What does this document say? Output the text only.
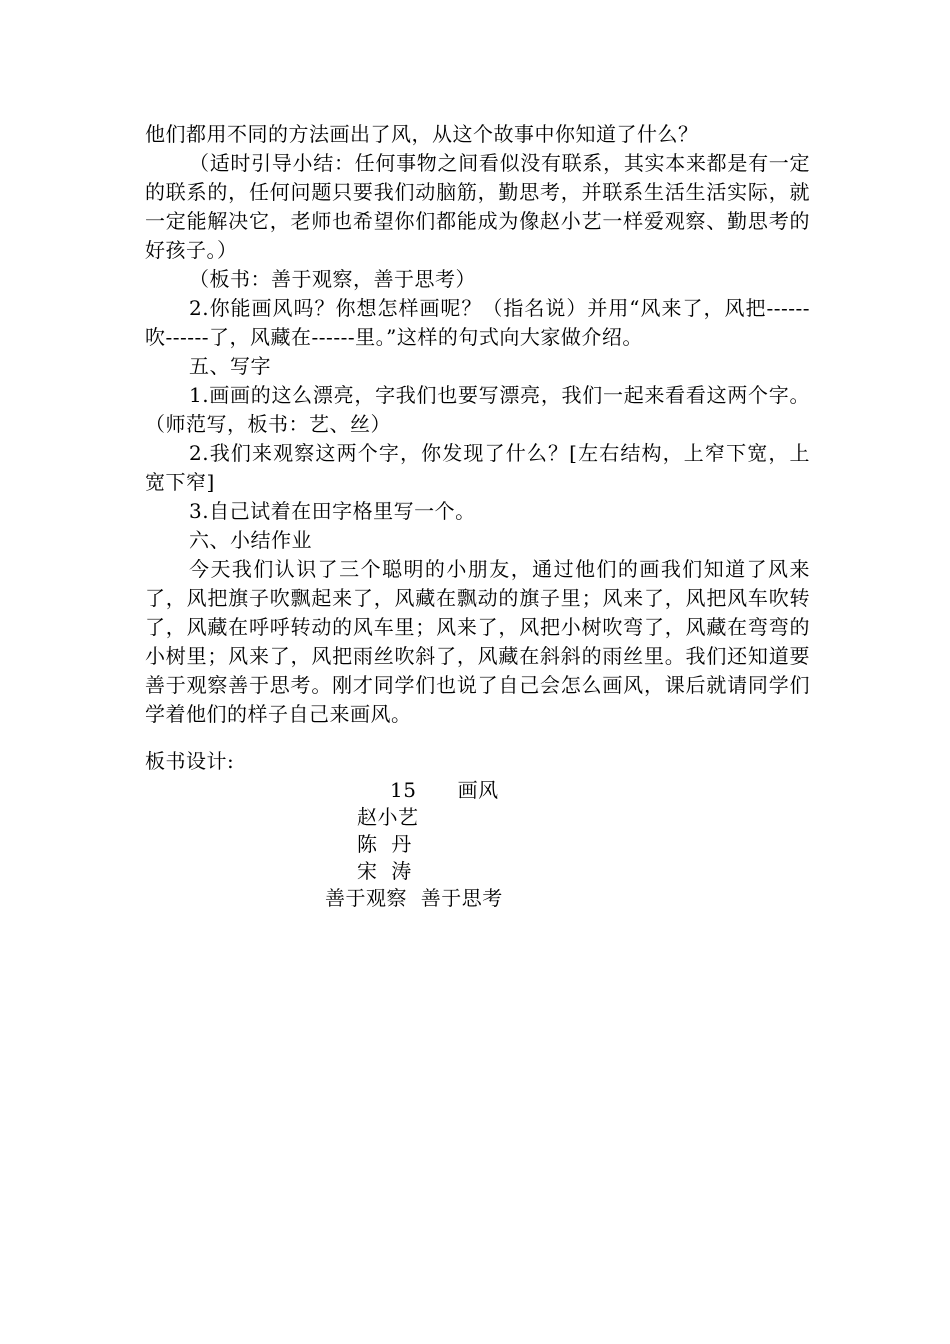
他们都用不同的方法画出了风，从这个故事中你知道了什么？

（适时引导小结：任何事物之间看似没有联系，其实本来都是有一定的联系的，任何问题只要我们动脑筋，勤思考，并联系生活生活实际，就一定能解决它，老师也希望你们都能成为像赵小艺一样爱观察、勤思考的好孩子。）

（板书：善于观察，善于思考）

2.你能画风吗？你想怎样画呢？（指名说）并用“风来了，风把------吹------了，风藏在------里。”这样的句式向大家做介绍。

五、写字

1.画画的这么漂亮，字我们也要写漂亮，我们一起来看看这两个字。（师范写，板书：艺、丝）

2.我们来观察这两个字，你发现了什么？[左右结构，上窄下宽，上宽下窄]

3.自己试着在田字格里写一个。

六、小结作业

今天我们认识了三个聪明的小朋友，通过他们的画我们知道了风来了，风把旗子吹飘起来了，风藏在飘动的旗子里；风来了，风把风车吹转了，风藏在呼呼转动的风车里；风来了，风把小树吹弯了，风藏在弯弯的小树里；风来了，风把雨丝吹斜了，风藏在斜斜的雨丝里。我们还知道要善于观察善于思考。刚才同学们也说了自己会怎么画风，课后就请同学们学着他们的样子自己来画风。

板书设计:

15      画风
赵小艺
陈  丹
宋  涛
善于观察  善于思考
